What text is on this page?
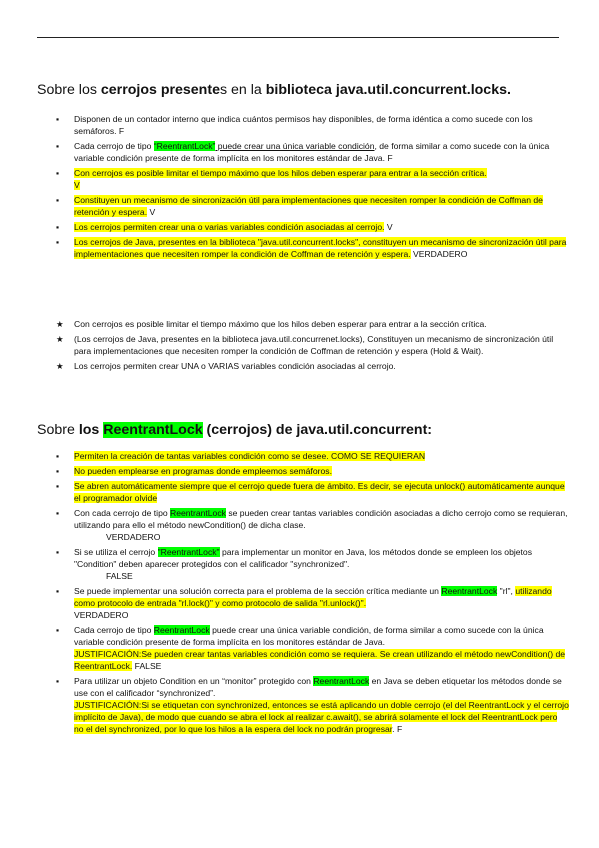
Sobre los cerrojos presentes en la biblioteca java.util.concurrent.locks.
▪ Disponen de un contador interno que indica cuántos permisos hay disponibles, de forma idéntica a como sucede con los semáforos. F
▪ Cada cerrojo de tipo “ReentrantLock” puede crear una única variable condición, de forma similar a como sucede con la única variable condición presente de forma implícita en los monitores estándar de Java. F
▪ Con cerrojos es posible limitar el tiempo máximo que los hilos deben esperar para entrar a la sección crítica.
V
▪ Constituyen un mecanismo de sincronización útil para implementaciones que necesiten romper la condición de Coffman de retención y espera. V
▪ Los cerrojos permiten crear una o varias variables condición asociadas al cerrojo. V
▪ Los cerrojos de Java, presentes en la biblioteca "java.util.concurrent.locks", constituyen un mecanismo de sincronización útil para implementaciones que necesiten romper la condición de Coffman de retención y espera. VERDADERO
★ Con cerrojos es posible limitar el tiempo máximo que los hilos deben esperar para entrar a la sección crítica.
★ (Los cerrojos de Java, presentes en la biblioteca java.util.concurrenet.locks), Constituyen un mecanismo de sincronización útil para implementaciones que necesiten romper la condición de Coffman de retención y espera (Hold & Wait).
★ Los cerrojos permiten crear UNA o VARIAS variables condición asociadas al cerrojo.
Sobre los ReentrantLock (cerrojos) de java.util.concurrent:
▪ Permiten la creación de tantas variables condición como se desee. COMO SE REQUIERAN
▪ No pueden emplearse en programas donde empleemos semáforos.
▪ Se abren automáticamente siempre que el cerrojo quede fuera de ámbito. Es decir, se ejecuta unlock() automáticamente aunque el programador olvide
▪ Con cada cerrojo de tipo ReentrantLock se pueden crear tantas variables condición asociadas a dicho cerrojo como se requieran, utilizando para ello el método newCondition() de dicha clase.
VERDADERO
▪ Si se utiliza el cerrojo "ReentrantLock" para implementar un monitor en Java, los métodos donde se empleen los objetos "Condition" deben aparecer protegidos con el calificador "synchronized".
FALSE
▪ Se puede implementar una solución correcta para el problema de la sección crítica mediante un ReentrantLock "rl", utilizando como protocolo de entrada "rl.lock()" y como protocolo de salida "rl.unlock()".
VERDADERO
▪ Cada cerrojo de tipo ReentrantLock puede crear una única variable condición, de forma similar a como sucede con la única variable condición presente de forma implícita en los monitores estándar de Java.
JUSTIFICACIÓN:Se pueden crear tantas variables condición como se requiera. Se crean utilizando el método newCondition() de ReentrantLock. FALSE
▪ Para utilizar un objeto Condition en un “monitor” protegido con ReentrantLock en Java se deben etiquetar los métodos donde se use con el calificador “synchronized”.
JUSTIFICACIÓN:Si se etiquetan con synchronized, entonces se está aplicando un doble cerrojo (el del ReentrantLock y el cerrojo implícito de Java), de modo que cuando se abra el lock al realizar c.await(), se abrirá solamente el lock del ReentrantLock pero no el del synchronized, por lo que los hilos a la espera del lock no podrán progresar. F
